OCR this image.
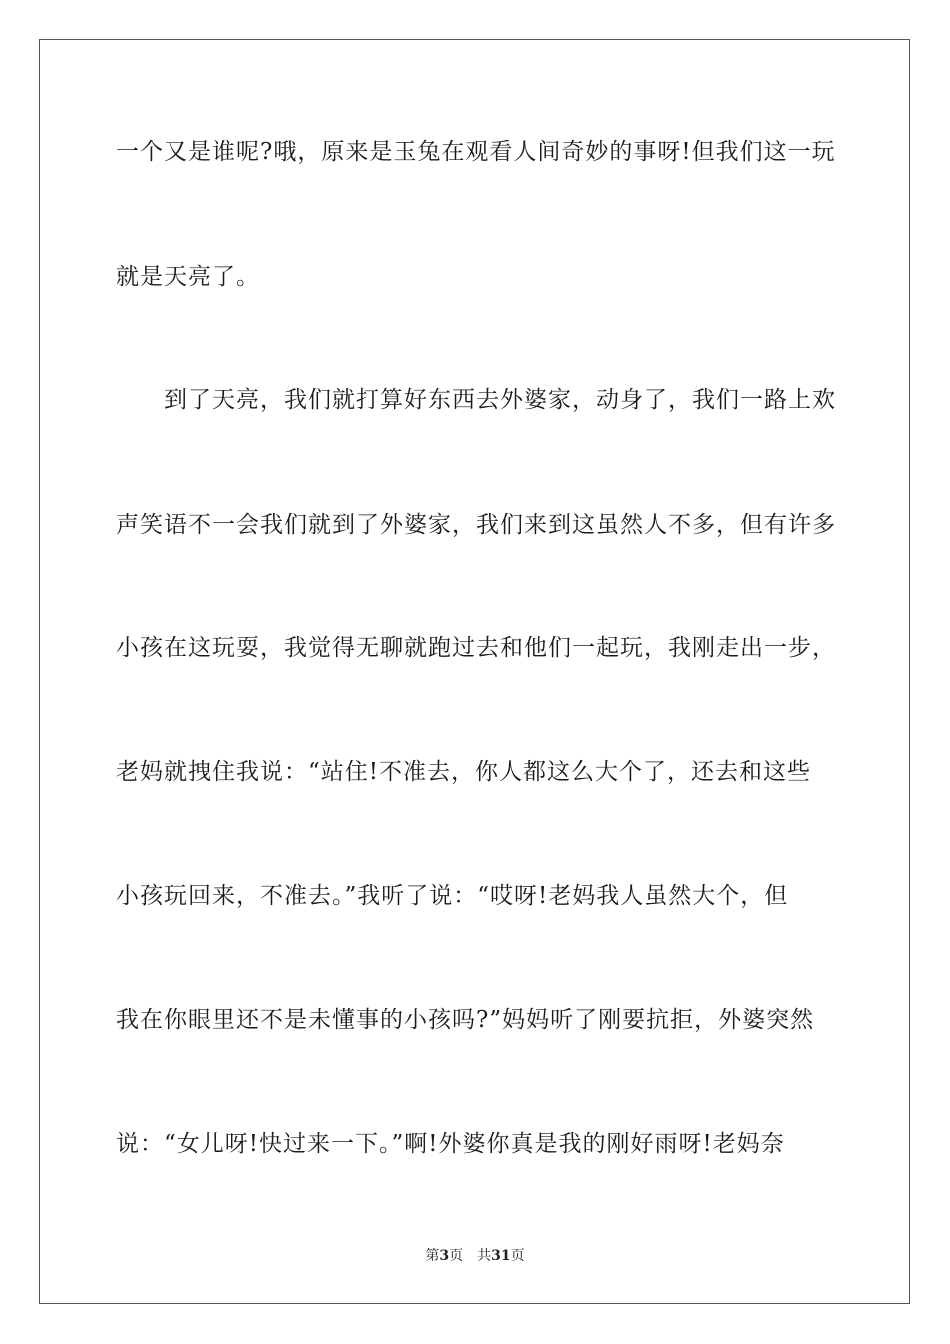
一个又是谁呢?哦，原来是玉兔在观看人间奇妙的事呀!但我们这一玩
就是天亮了。
到了天亮，我们就打算好东西去外婆家，动身了，我们一路上欢
声笑语不一会我们就到了外婆家，我们来到这虽然人不多，但有许多
小孩在这玩耍，我觉得无聊就跑过去和他们一起玩，我刚走出一步，
老妈就拽住我说：“站住!不准去，你人都这么大个了，还去和这些
小孩玩回来，不准去。”我听了说：“哎呀!老妈我人虽然大个，但
我在你眼里还不是未懂事的小孩吗?”妈妈听了刚要抗拒，外婆突然
说：“女儿呀!快过来一下。”啊!外婆你真是我的刚好雨呀!老妈奈
第3页 共31页
